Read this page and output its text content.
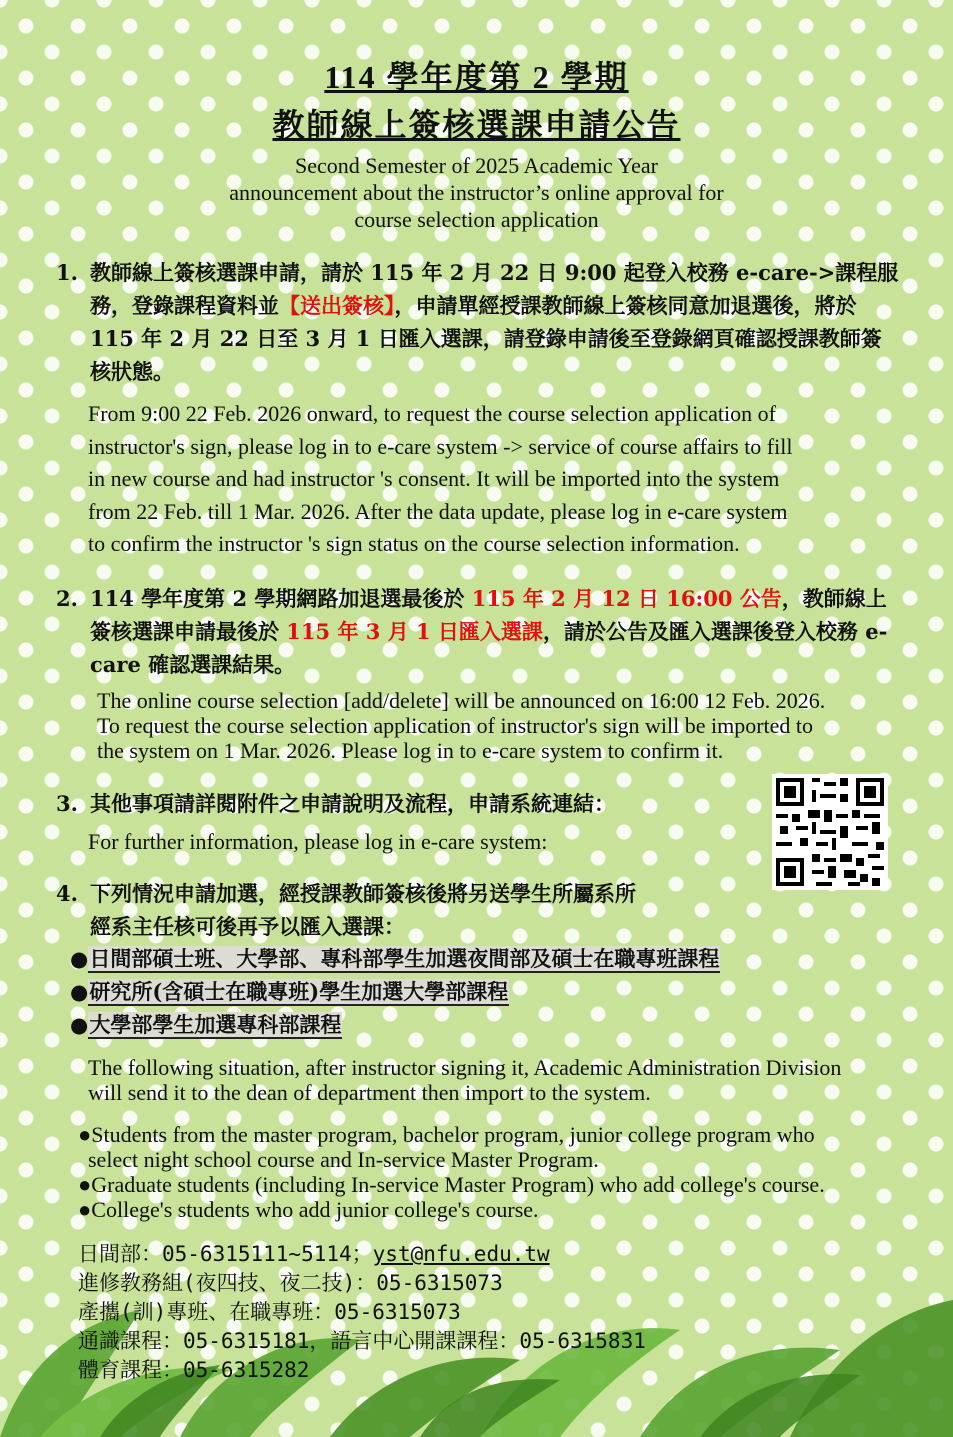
114 學年度第 2 學期
教師線上簽核選課申請公告
Second Semester of 2025 Academic Year
announcement about the instructor’s online approval for
course selection application
1. 教師線上簽核選課申請，請於 115 年 2 月 22 日 9:00 起登入校務 e-care->課程服務，登錄課程資料並【送出簽核】，申請單經授課教師線上簽核同意加退選後，將於 115 年 2 月 22 日至 3 月 1 日匯入選課，請登錄申請後至登錄網頁確認授課教師簽核狀態。
From 9:00 22 Feb. 2026 onward, to request the course selection application of
instructor's sign, please log in to e-care system -> service of course affairs to fill
in new course and had instructor 's consent. It will be imported into the system
from 22 Feb. till 1 Mar. 2026. After the data update, please log in e-care system
to confirm the instructor 's sign status on the course selection information.
2. 114 學年度第 2 學期網路加退選最後於 115 年 2 月 12 日 16:00 公告，教師線上簽核選課申請最後於 115 年 3 月 1 日匯入選課，請於公告及匯入選課後登入校務 e-care 確認選課結果。
The online course selection [add/delete] will be announced on 16:00 12 Feb. 2026.
To request the course selection application of instructor's sign will be imported to
the system on 1 Mar. 2026. Please log in to e-care system to confirm it.
3. 其他事項請詳閱附件之申請說明及流程，申請系統連結：
For further information, please log in e-care system:
4. 下列情況申請加選，經授課教師簽核後將另送學生所屬系所
經系主任核可後再予以匯入選課：
●日間部碩士班、大學部、專科部學生加選夜間部及碩士在職專班課程
●研究所(含碩士在職專班)學生加選大學部課程
●大學部學生加選專科部課程
The following situation, after instructor signing it, Academic Administration Division
will send it to the dean of department then import to the system.
●Students from the master program, bachelor program, junior college program who
select night school course and In-service Master Program.
●Graduate students (including In-service Master Program) who add college's course.
●College's students who add junior college's course.
日間部：05-6315111~5114；yst@nfu.edu.tw
進修教務組(夜四技、夜二技)：05-6315073
產攜(訓)專班、在職專班：05-6315073
通識課程：05-6315181，語言中心開課課程：05-6315831
體育課程：05-6315282
